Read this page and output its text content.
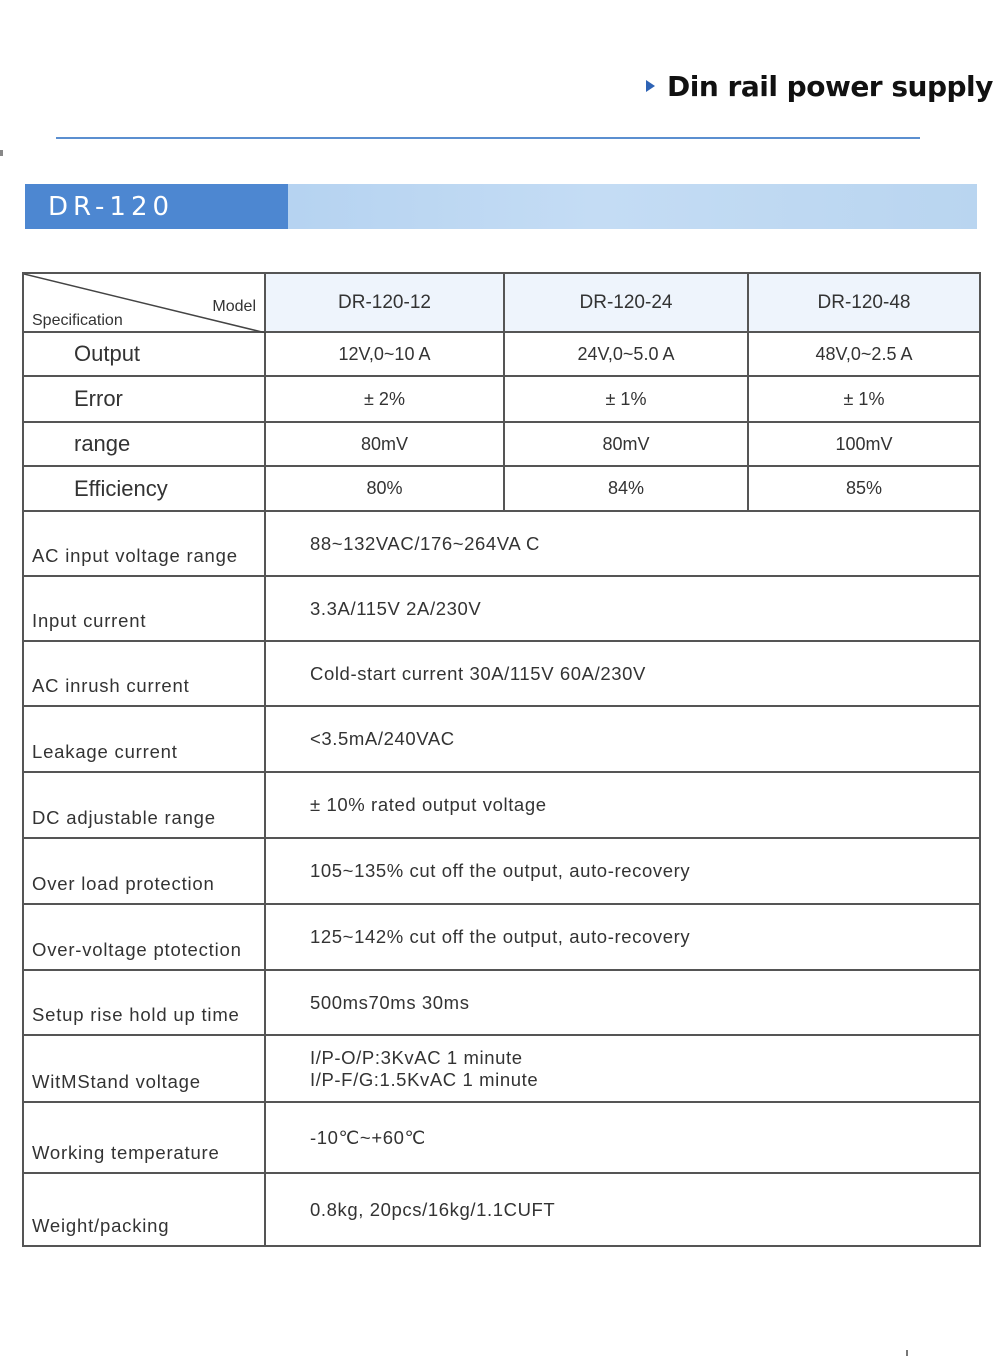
Din rail power supply
DR-120
Model
Specification	DR-120-12	DR-120-24	DR-120-48
Output	12V,0~10 A	24V,0~5.0 A	48V,0~2.5 A
Error	± 2%	± 1%	± 1%
range	80mV	80mV	100mV
Efficiency	80%	84%	85%
AC input voltage range	88~132VAC/176~264VA C		
Input current	3.3A/115V 2A/230V		
AC inrush current	Cold-start current 30A/115V 60A/230V		
Leakage current	<3.5mA/240VAC		
DC adjustable range	± 10% rated output voltage		
Over load protection	105~135% cut off the output, auto-recovery		
Over-voltage ptotection	125~142% cut off the output, auto-recovery		
Setup rise hold up time	500ms70ms 30ms		
WitMStand voltage	I/P-O/P:3KvAC 1 minute
I/P-F/G:1.5KvAC 1 minute		

Working temperature	-10℃~+60℃		
Weight/packing	0.8kg, 20pcs/16kg/1.1CUFT		
